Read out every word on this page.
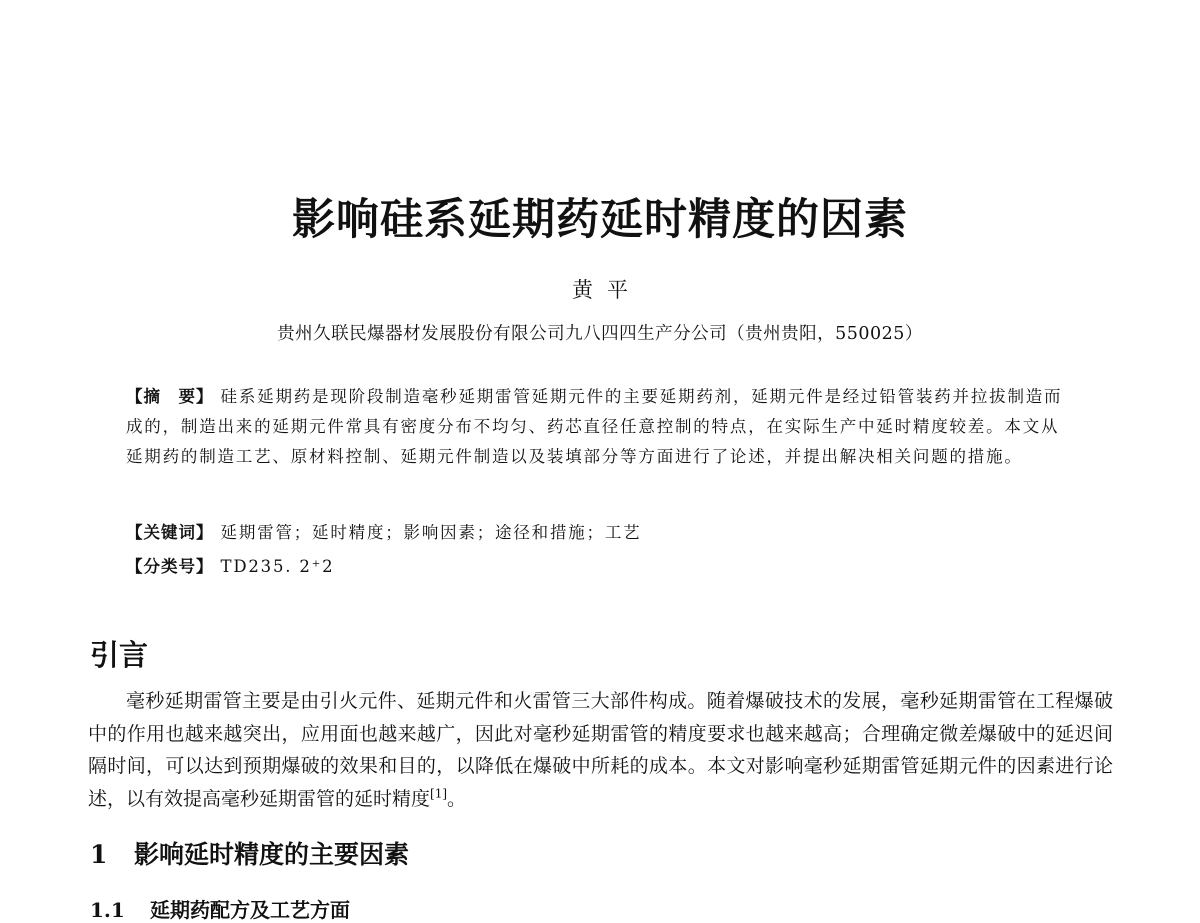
影响硅系延期药延时精度的因素
黄平
贵州久联民爆器材发展股份有限公司九八四四生产分公司（贵州贵阳，550025）
【摘　要】 硅系延期药是现阶段制造毫秒延期雷管延期元件的主要延期药剂，延期元件是经过铅管装药并拉拔制造而成的，制造出来的延期元件常具有密度分布不均匀、药芯直径任意控制的特点，在实际生产中延时精度较差。本文从延期药的制造工艺、原材料控制、延期元件制造以及装填部分等方面进行了论述，并提出解决相关问题的措施。
【关键词】 延期雷管；延时精度；影响因素；途径和措施；工艺
【分类号】 TD235. 2⁺2
引言
毫秒延期雷管主要是由引火元件、延期元件和火雷管三大部件构成。随着爆破技术的发展，毫秒延期雷管在工程爆破中的作用也越来越突出，应用面也越来越广，因此对毫秒延期雷管的精度要求也越来越高；合理确定微差爆破中的延迟间隔时间，可以达到预期爆破的效果和目的，以降低在爆破中所耗的成本。本文对影响毫秒延期雷管延期元件的因素进行论述，以有效提高毫秒延期雷管的延时精度[1]。
1 影响延时精度的主要因素
1.1 延期药配方及工艺方面
